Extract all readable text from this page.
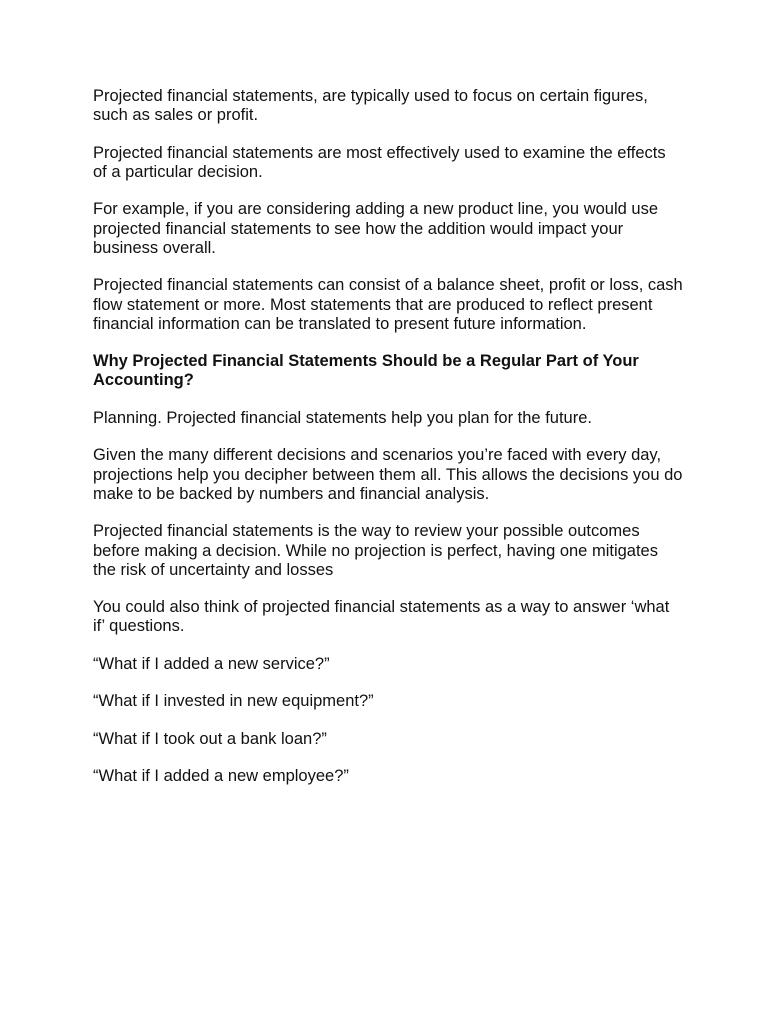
Projected financial statements, are typically used to focus on certain figures, such as sales or profit.

Projected financial statements are most effectively used to examine the effects of a particular decision.

For example, if you are considering adding a new product line, you would use projected financial statements to see how the addition would impact your business overall.

Projected financial statements can consist of a balance sheet, profit or loss, cash flow statement or more. Most statements that are produced to reflect present financial information can be translated to present future information.

Why Projected Financial Statements Should be a Regular Part of Your Accounting?

Planning. Projected financial statements help you plan for the future.

Given the many different decisions and scenarios you’re faced with every day, projections help you decipher between them all. This allows the decisions you do make to be backed by numbers and financial analysis.

Projected financial statements is the way to review your possible outcomes before making a decision. While no projection is perfect, having one mitigates the risk of uncertainty and losses

You could also think of projected financial statements as a way to answer ‘what if’ questions.

“What if I added a new service?”

“What if I invested in new equipment?”

“What if I took out a bank loan?”

“What if I added a new employee?”
